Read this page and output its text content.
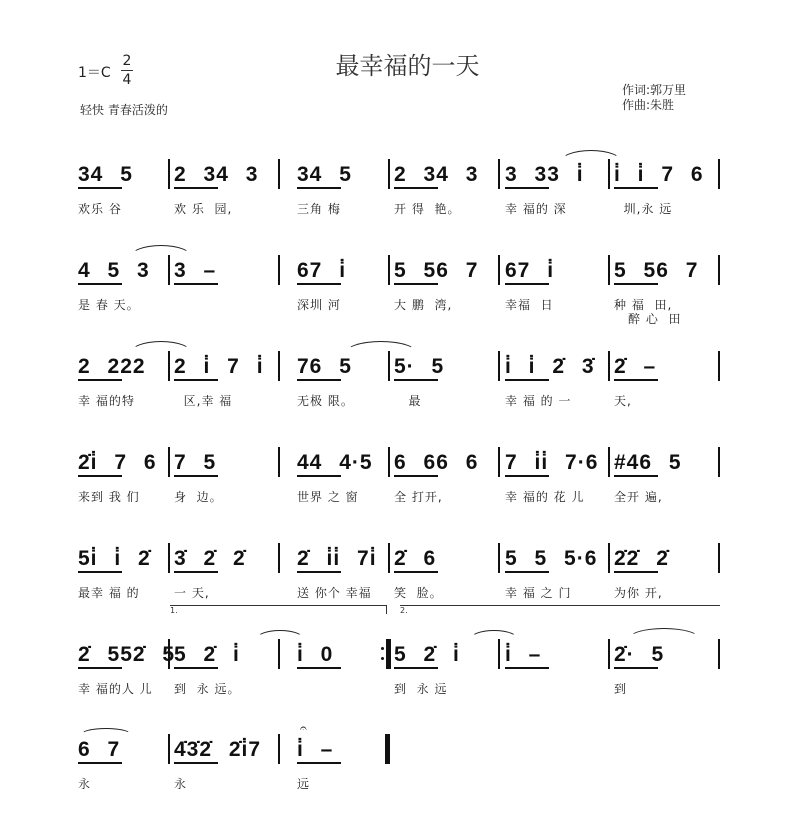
最幸福的一天
1＝C
2
4
轻快 青春活泼的
作词:郭万里
作曲:朱胜
34 5
欢乐 谷
2 34 3
欢 乐  园,
34 5
三角 梅
2 34 3
开 得  艳。
3 33 i̇
幸 福的 深
i̇ i̇ 7 6
圳,永 远
4 5 3
是 春 天。
3 –	67 i̇
深圳 河
5 56 7
大 鹏  湾,
67 i̇
幸福  日
5 56 7
种 福  田,
醉 心  田
2 222
幸 福的特
2 i̇ 7 i̇
区,幸 福
76 5
无极 限。
5· 5
最
i̇ i̇ 2̇ 3̇
幸 福 的 一
2̇ –
天,
2̇i̇ 7 6
来到 我 们
7 5
身  边。
44 4·5
世界 之 窗
6 66 6
全 打开,
7 i̇i̇ 7·6
幸 福的 花 儿
#46 5
全开 遍,
5i̇ i̇ 2̇
最幸 福 的
3̇ 2̇ 2̇
一 天,
2̇ i̇i̇ 7i̇
送 你个 幸福
2̇ 6
笑  脸。
5 5 5·6
幸 福 之 门
2̇2̇ 2̇
为你 开,
1.	2.
2̇ 552̇ 5
幸 福的人 儿
5 2̇ i̇
到  永 远。
i̇ 0	5 2̇ i̇
到  永 远
i̇ –	2̇· 5
到
𝄐
6 7
永
4̇3̇2̇ 2̇i̇7
永
i̇ –
远
